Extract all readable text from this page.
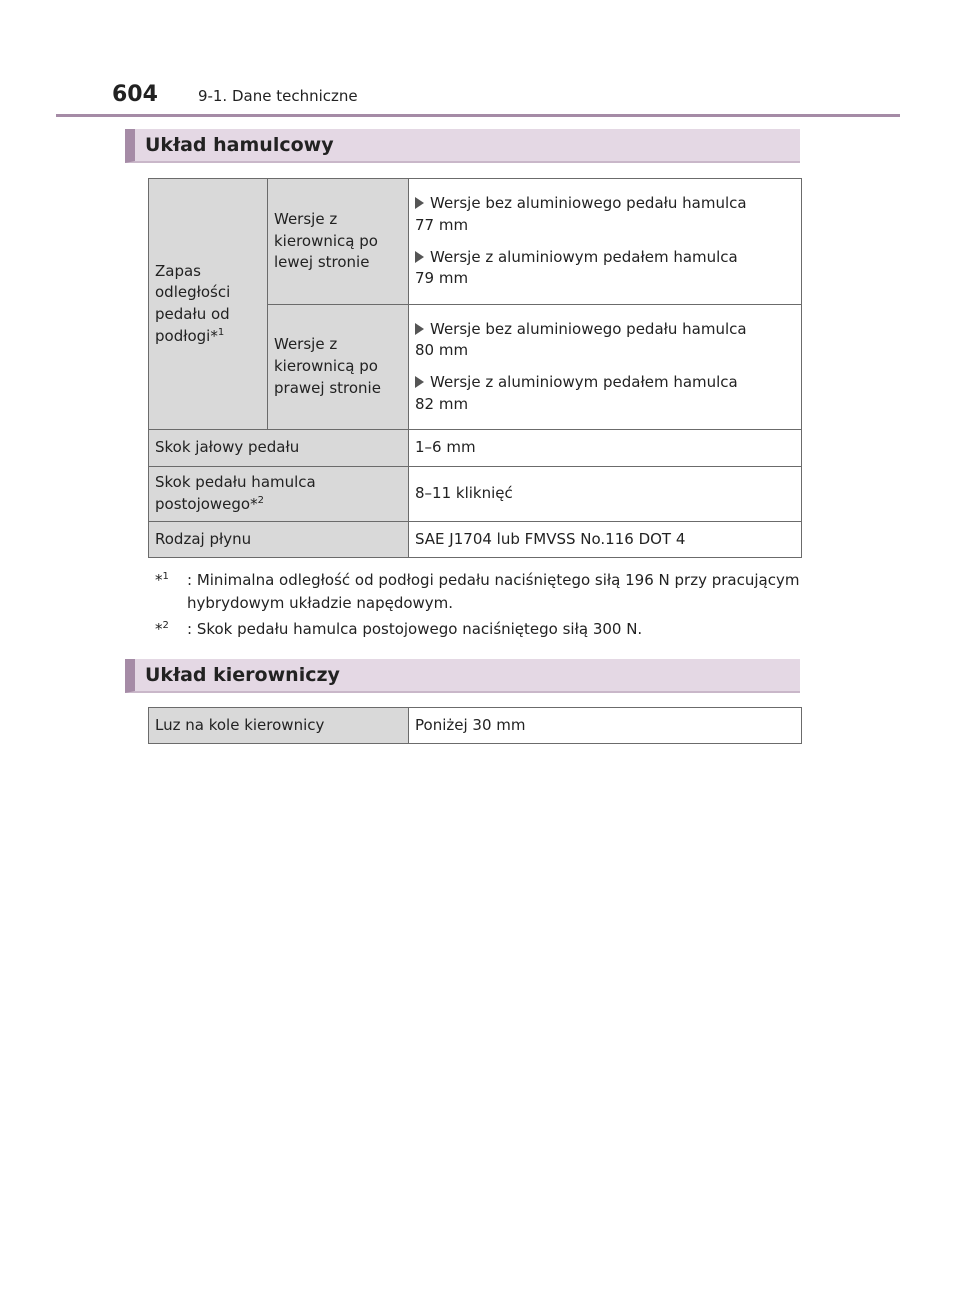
604	9-1. Dane techniczne
Układ hamulcowy
Zapas odległości pedału od podłogi*$^1$	Wersje z kierownicą po lewej stronie	Wersje bez aluminiowego pedału hamulca
77 mm
Wersje z aluminiowym pedałem hamulca
79 mm

	Wersje z kierownicą po prawej stronie	Wersje bez aluminiowego pedału hamulca
80 mm
Wersje z aluminiowym pedałem hamulca
82 mm

Skok jałowy pedału		1–6 mm
Skok pedału hamulca postojowego*$^2$		8–11 kliknięć
Rodzaj płynu		SAE J1704 lub FMVSS No.116 DOT 4
*$^1$	: Minimalna odległość od podłogi pedału naciśniętego siłą 196 N przy pracującym hybrydowym układzie napędowym.
*$^2$	: Skok pedału hamulca postojowego naciśniętego siłą 300 N.
Układ kierowniczy
Luz na kole kierownicy	Poniżej 30 mm
